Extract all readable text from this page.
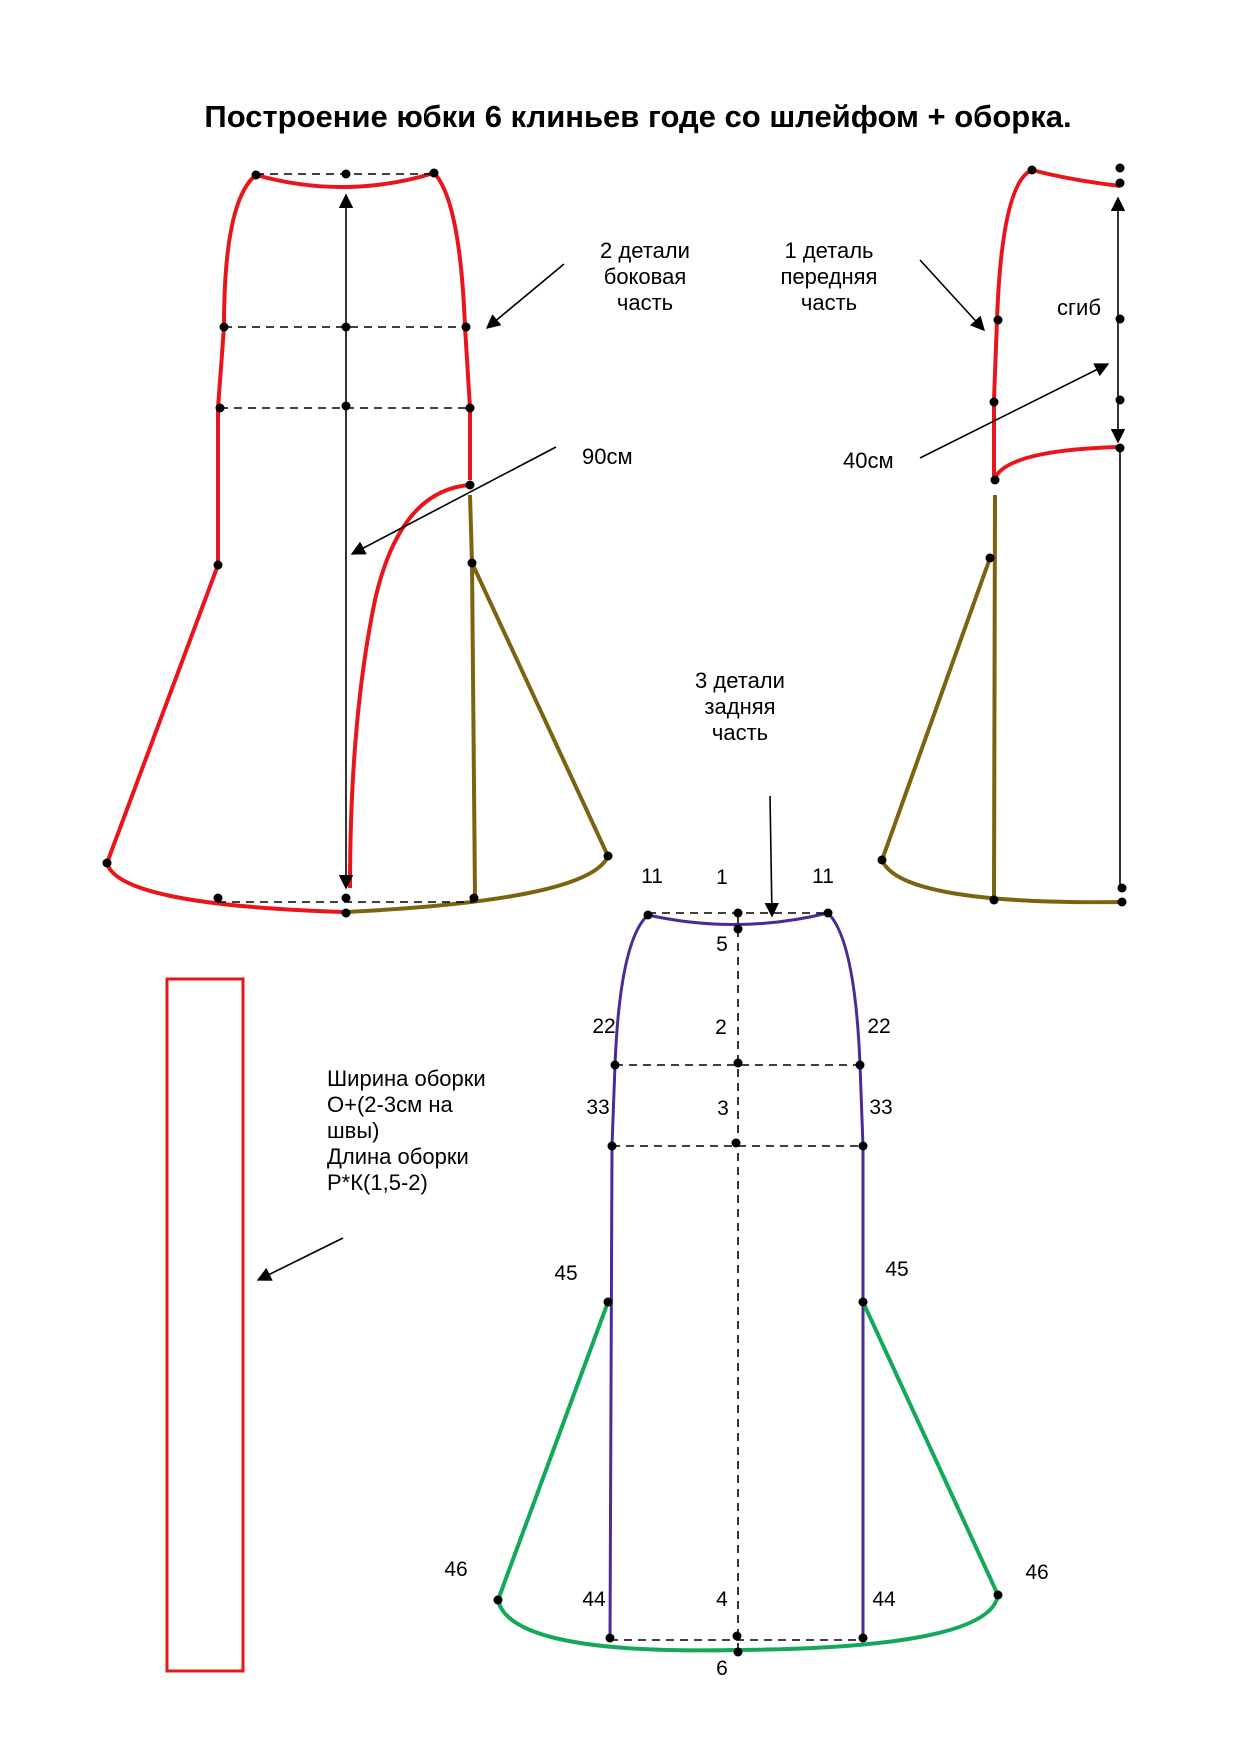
Построение юбки 6 клиньев годе со шлейфом + оборка.
2 детали
боковая
часть
90см
1 деталь
передняя
часть	сгиб
40см
3 детали
задняя
часть
11	1	11
5
22	2	22
33	3	33
45	45
46	46
44	4	44
6
Ширина оборки
О+(2-3см на
швы)
Длина оборки
Р*К(1,5-2)
